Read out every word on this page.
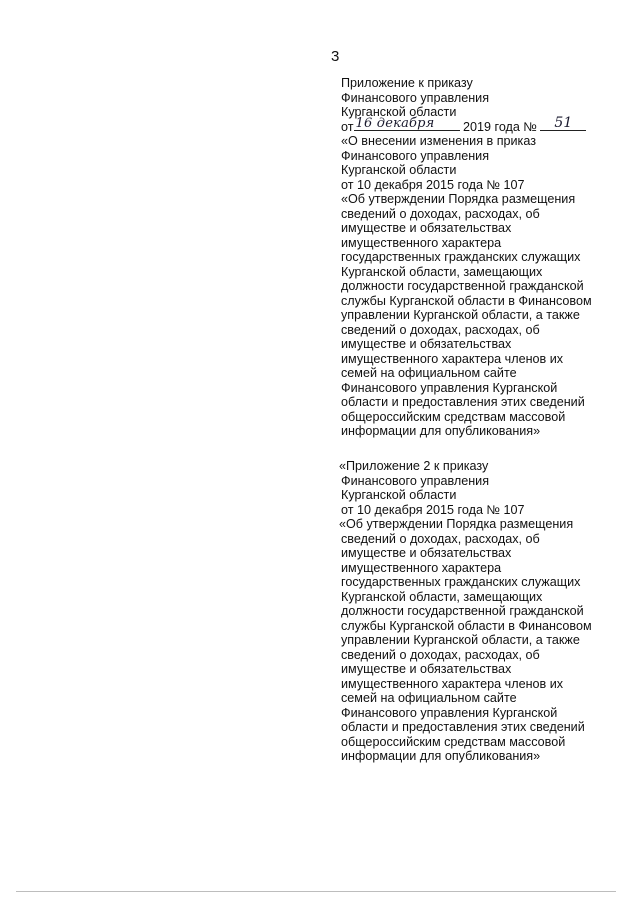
3
Приложение к приказу
Финансового управления
Курганской области
от 16 декабря 2019 года № 51
«О внесении изменения в приказ
Финансового управления
Курганской области
от 10 декабря 2015 года № 107
«Об утверждении Порядка размещения
сведений о доходах, расходах, об
имуществе и обязательствах
имущественного характера
государственных гражданских служащих
Курганской области, замещающих
должности государственной гражданской
службы Курганской области в Финансовом
управлении Курганской области, а также
сведений о доходах, расходах, об
имуществе и обязательствах
имущественного характера членов их
семей на официальном сайте
Финансового управления Курганской
области и предоставления этих сведений
общероссийским средствам массовой
информации для опубликования»
«Приложение 2 к приказу
Финансового управления
Курганской области
от 10 декабря 2015 года № 107
«Об утверждении Порядка размещения
сведений о доходах, расходах, об
имуществе и обязательствах
имущественного характера
государственных гражданских служащих
Курганской области, замещающих
должности государственной гражданской
службы Курганской области в Финансовом
управлении Курганской области, а также
сведений о доходах, расходах, об
имуществе и обязательствах
имущественного характера членов их
семей на официальном сайте
Финансового управления Курганской
области и предоставления этих сведений
общероссийским средствам массовой
информации для опубликования»
